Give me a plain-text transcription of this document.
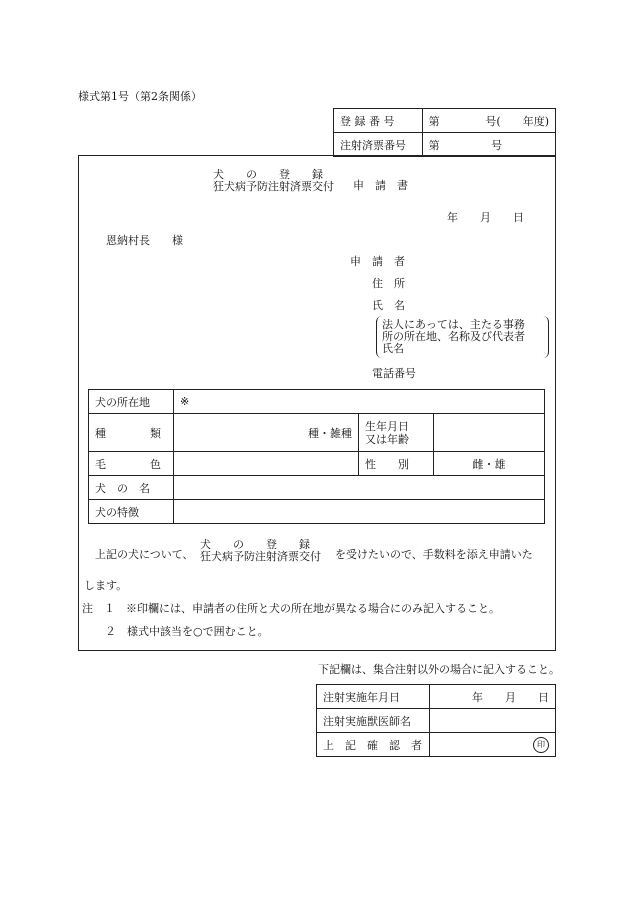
様式第1号（第2条関係）
登 録 番 号	第 号(　　年度)

注射済票番号	第 号
犬　　の　　登　　録
狂犬病予防注射済票交付 申　請　書
年　　月　　日
恩納村長　　様
申　請　者
住　所
氏　名
法人にあっては、主たる事務
所の所在地、名称及び代表者
氏名
電話番号
犬の所在地	※		
種　　　　類	種・雑種	生年月日
又は年齢	

毛　　　　色		性　　別	雌・雄
犬　の　名			
犬の特徴			
上記の犬について、
犬　　の　　登　　録
狂犬病予防注射済票交付 を受けたいので、手数料を添え申請いた
します。
注　１　※印欄には、申請者の住所と犬の所在地が異なる場合にのみ記入すること。
２　様式中該当を○で囲むこと。
下記欄は、集合注射以外の場合に記入すること。
注射実施年月日	年　　月　　日
注射実施獣医師名	
上　記　確　認　者	印
